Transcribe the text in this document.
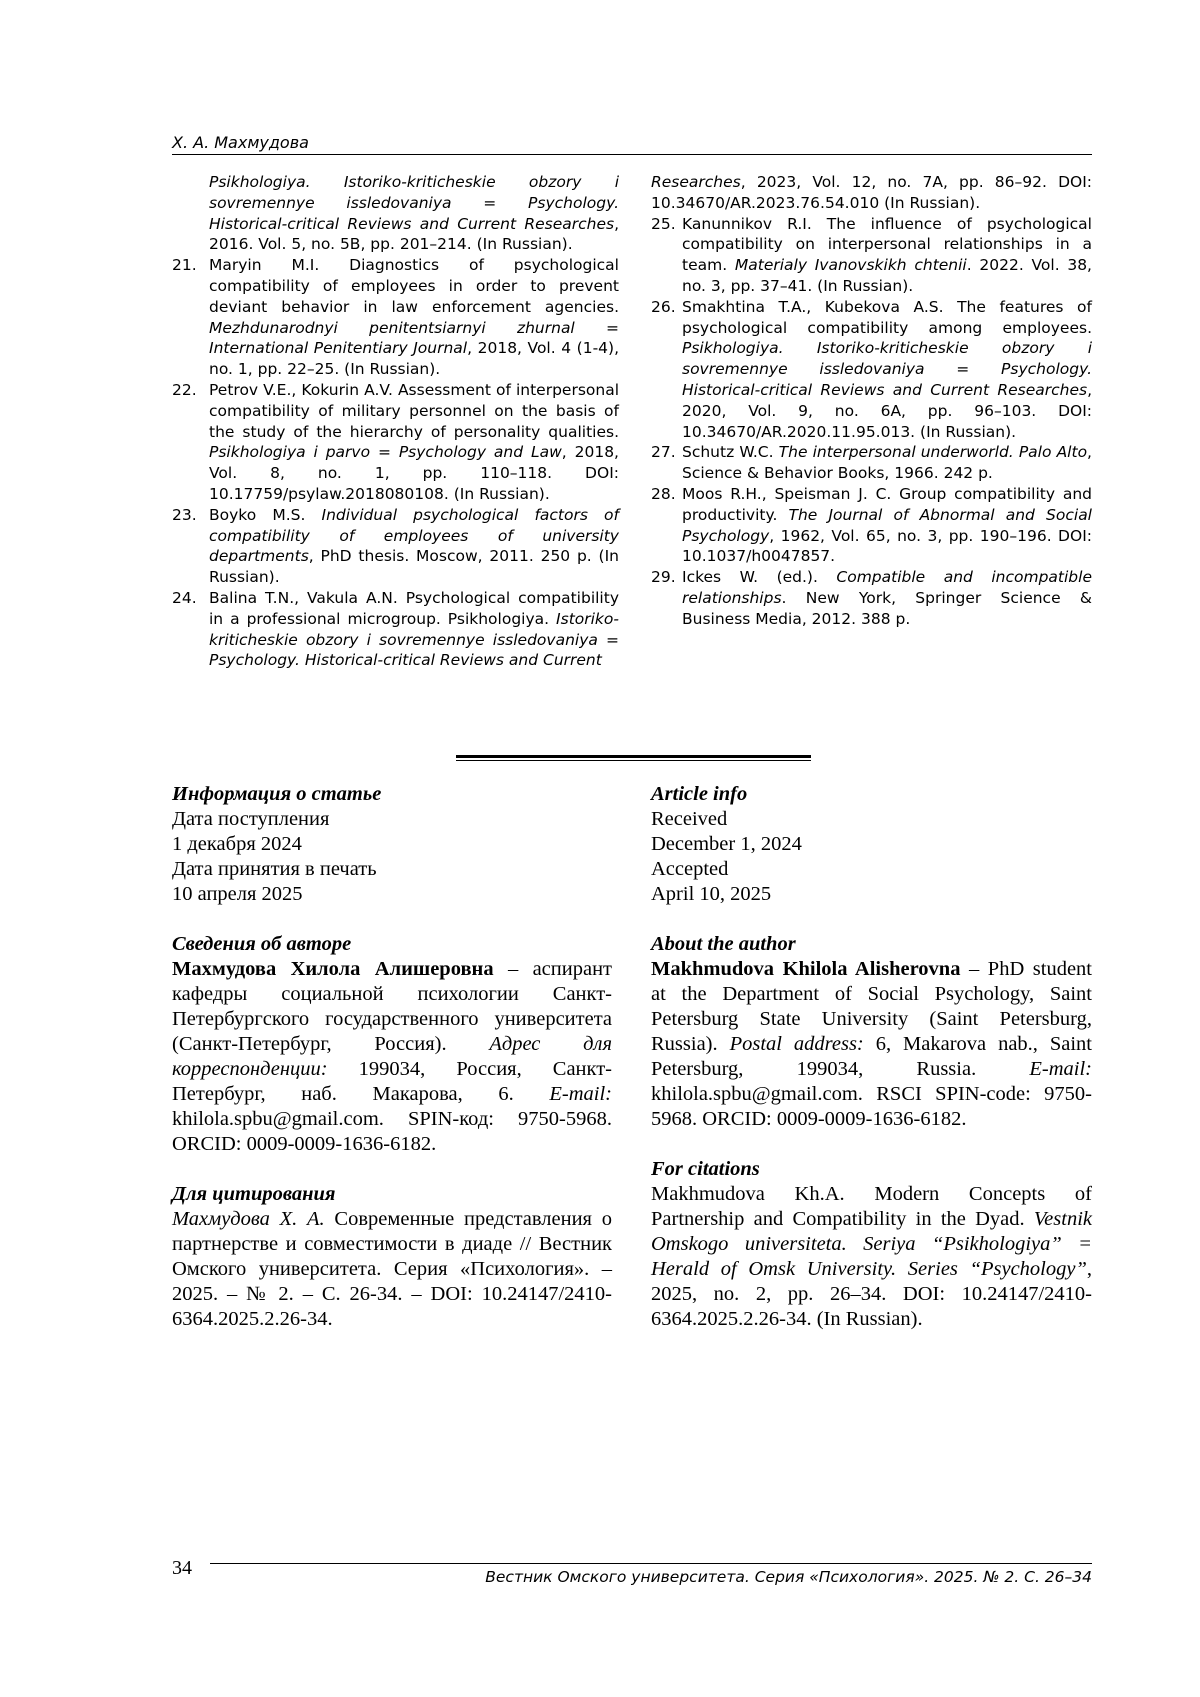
Х. А. Махмудова
Psikhologiya. Istoriko-kriticheskie obzory i sovremennye issledovaniya = Psychology. Historical-critical Reviews and Current Researches, 2016. Vol. 5, no. 5B, pp. 201–214. (In Russian).
21. Maryin M.I. Diagnostics of psychological compatibility of employees in order to prevent deviant behavior in law enforcement agencies. Mezhdunarodnyi penitentsiarnyi zhurnal = International Penitentiary Journal, 2018, Vol. 4 (1-4), no. 1, pp. 22–25. (In Russian).
22. Petrov V.E., Kokurin A.V. Assessment of interpersonal compatibility of military personnel on the basis of the study of the hierarchy of personality qualities. Psikhologiya i parvo = Psychology and Law, 2018, Vol. 8, no. 1, pp. 110–118. DOI: 10.17759/psylaw.2018080108. (In Russian).
23. Boyko M.S. Individual psychological factors of compatibility of employees of university departments, PhD thesis. Moscow, 2011. 250 p. (In Russian).
24. Balina T.N., Vakula A.N. Psychological compatibility in a professional microgroup. Psikhologiya. Istoriko-kriticheskie obzory i sovremennye issledovaniya = Psychology. Historical-critical Reviews and Current
Researches, 2023, Vol. 12, no. 7A, pp. 86–92. DOI: 10.34670/AR.2023.76.54.010 (In Russian).
25. Kanunnikov R.I. The influence of psychological compatibility on interpersonal relationships in a team. Materialy Ivanovskikh chtenii. 2022. Vol. 38, no. 3, pp. 37–41. (In Russian).
26. Smakhtina T.A., Kubekova A.S. The features of psychological compatibility among employees. Psikhologiya. Istoriko-kriticheskie obzory i sovremennye issledovaniya = Psychology. Historical-critical Reviews and Current Researches, 2020, Vol. 9, no. 6A, pp. 96–103. DOI: 10.34670/AR.2020.11.95.013. (In Russian).
27. Schutz W.C. The interpersonal underworld. Palo Alto, Science & Behavior Books, 1966. 242 p.
28. Moos R.H., Speisman J. C. Group compatibility and productivity. The Journal of Abnormal and Social Psychology, 1962, Vol. 65, no. 3, pp. 190–196. DOI: 10.1037/h0047857.
29. Ickes W. (ed.). Compatible and incompatible relationships. New York, Springer Science & Business Media, 2012. 388 p.

Информация о статье

Дата поступления

1 декабря 2024

Дата принятия в печать

10 апреля 2025

Сведения об авторе

Махмудова Хилола Алишеровна – аспирант кафедры социальной психологии Санкт-Петербургского государственного университета (Санкт-Петербург, Россия). Адрес для корреспонденции: 199034, Россия, Санкт-Петербург, наб. Макарова, 6. E-mail: khilola.spbu@gmail.com. SPIN-код: 9750-5968. ORCID: 0009-0009-1636-6182.

Для цитирования

Махмудова Х. А. Современные представления о партнерстве и совместимости в диаде // Вестник Омского университета. Серия «Психология». – 2025. – № 2. – С. 26-34. – DOI: 10.24147/2410-6364.2025.2.26-34.

Article info

Received

December 1, 2024

Accepted

April 10, 2025

About the author

Makhmudova Khilola Alisherovna – PhD student at the Department of Social Psychology, Saint Petersburg State University (Saint Petersburg, Russia). Postal address: 6, Makarova nab., Saint Petersburg, 199034, Russia. E-mail: khilola.spbu@gmail.com. RSCI SPIN-code: 9750-5968. ORCID: 0009-0009-1636-6182.

For citations

Makhmudova Kh.A. Modern Concepts of Partnership and Compatibility in the Dyad. Vestnik Omskogo universiteta. Seriya “Psikhologiya” = Herald of Omsk University. Series “Psychology”, 2025, no. 2, pp. 26–34. DOI: 10.24147/2410-6364.2025.2.26-34. (In Russian).

34	Вестник Омского университета. Серия «Психология». 2025. № 2. С. 26–34
